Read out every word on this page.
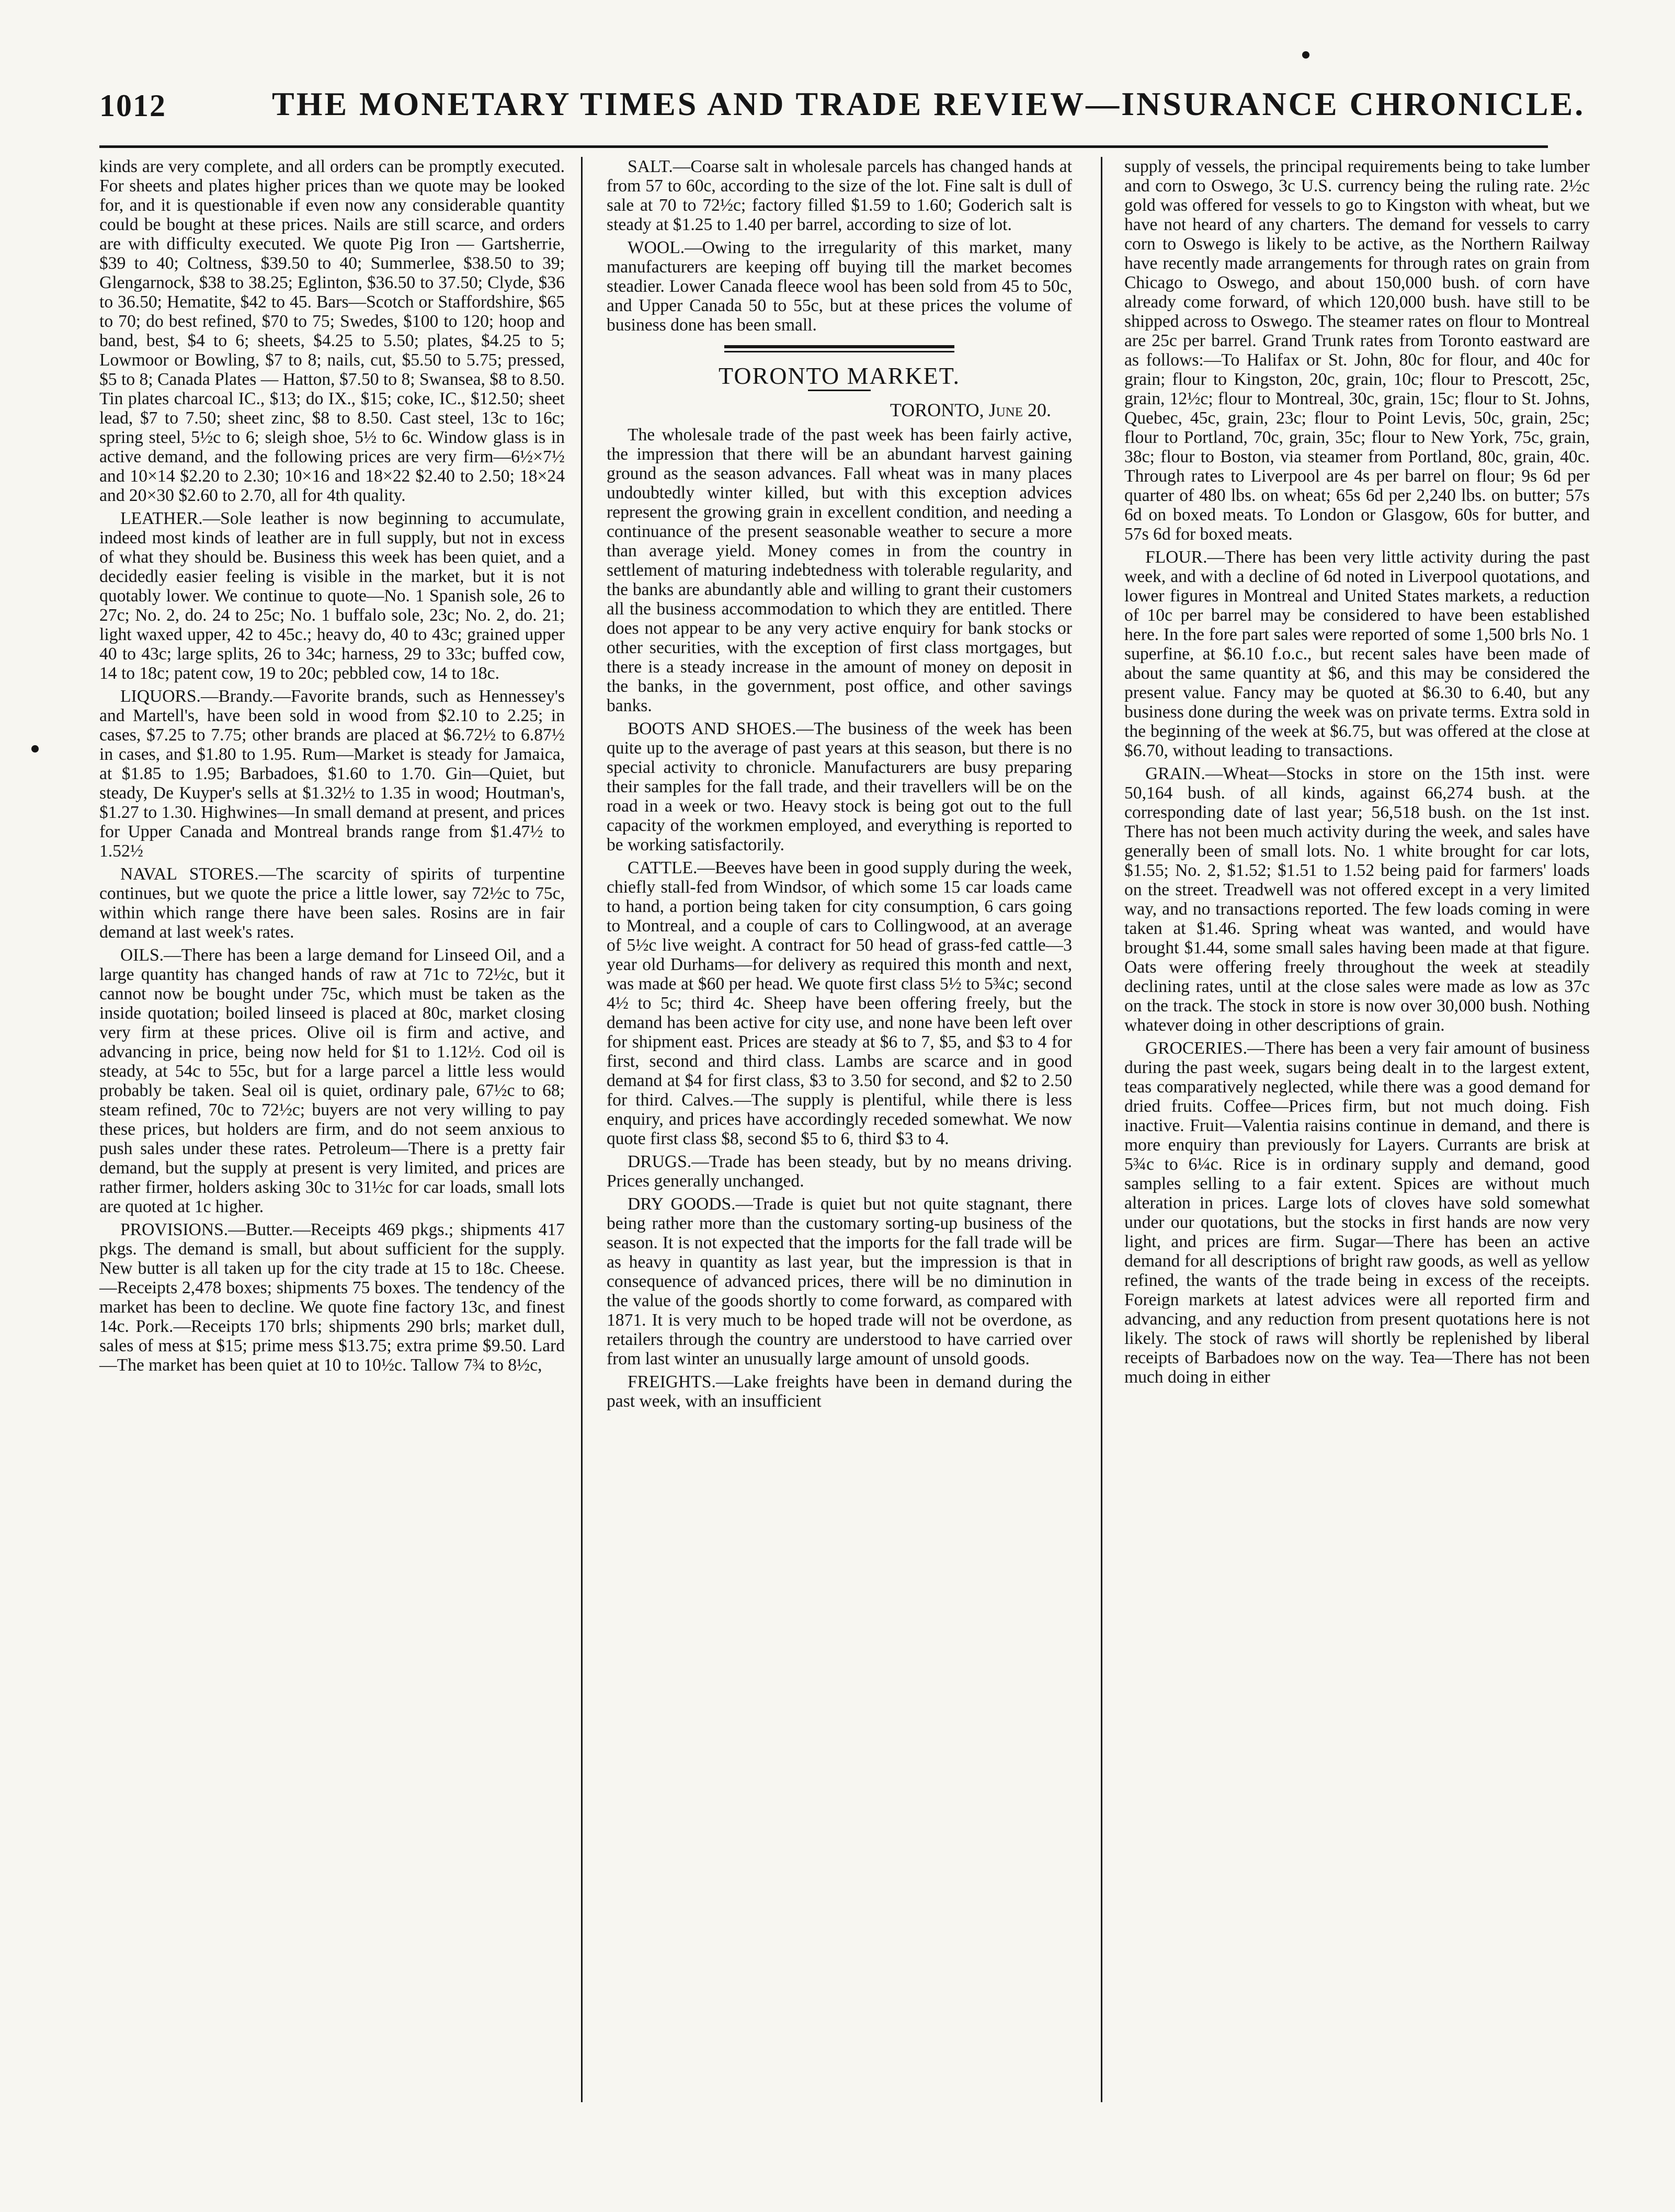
1012	THE MONETARY TIMES AND TRADE REVIEW—INSURANCE CHRONICLE.

kinds are very complete, and all orders can be promptly executed. For sheets and plates higher prices than we quote may be looked for, and it is questionable if even now any considerable quantity could be bought at these prices. Nails are still scarce, and orders are with difficulty executed. We quote Pig Iron — Gartsherrie, $39 to 40; Coltness, $39.50 to 40; Summerlee, $38.50 to 39; Glengarnock, $38 to 38.25; Eglinton, $36.50 to 37.50; Clyde, $36 to 36.50; Hematite, $42 to 45. Bars—Scotch or Staffordshire, $65 to 70; do best refined, $70 to 75; Swedes, $100 to 120; hoop and band, best, $4 to 6; sheets, $4.25 to 5.50; plates, $4.25 to 5; Lowmoor or Bowling, $7 to 8; nails, cut, $5.50 to 5.75; pressed, $5 to 8; Canada Plates — Hatton, $7.50 to 8; Swansea, $8 to 8.50. Tin plates charcoal IC., $13; do IX., $15; coke, IC., $12.50; sheet lead, $7 to 7.50; sheet zinc, $8 to 8.50. Cast steel, 13c to 16c; spring steel, 5½c to 6; sleigh shoe, 5½ to 6c. Window glass is in active demand, and the following prices are very firm—6½×7½ and 10×14 $2.20 to 2.30; 10×16 and 18×22 $2.40 to 2.50; 18×24 and 20×30 $2.60 to 2.70, all for 4th quality.

LEATHER.—Sole leather is now beginning to accumulate, indeed most kinds of leather are in full supply, but not in excess of what they should be. Business this week has been quiet, and a decidedly easier feeling is visible in the market, but it is not quotably lower. We continue to quote—No. 1 Spanish sole, 26 to 27c; No. 2, do. 24 to 25c; No. 1 buffalo sole, 23c; No. 2, do. 21; light waxed upper, 42 to 45c.; heavy do, 40 to 43c; grained upper 40 to 43c; large splits, 26 to 34c; harness, 29 to 33c; buffed cow, 14 to 18c; patent cow, 19 to 20c; pebbled cow, 14 to 18c.

LIQUORS.—Brandy.—Favorite brands, such as Hennessey's and Martell's, have been sold in wood from $2.10 to 2.25; in cases, $7.25 to 7.75; other brands are placed at $6.72½ to 6.87½ in cases, and $1.80 to 1.95. Rum—Market is steady for Jamaica, at $1.85 to 1.95; Barbadoes, $1.60 to 1.70. Gin—Quiet, but steady, De Kuyper's sells at $1.32½ to 1.35 in wood; Houtman's, $1.27 to 1.30. Highwines—In small demand at present, and prices for Upper Canada and Montreal brands range from $1.47½ to 1.52½

NAVAL STORES.—The scarcity of spirits of turpentine continues, but we quote the price a little lower, say 72½c to 75c, within which range there have been sales. Rosins are in fair demand at last week's rates.

OILS.—There has been a large demand for Linseed Oil, and a large quantity has changed hands of raw at 71c to 72½c, but it cannot now be bought under 75c, which must be taken as the inside quotation; boiled linseed is placed at 80c, market closing very firm at these prices. Olive oil is firm and active, and advancing in price, being now held for $1 to 1.12½. Cod oil is steady, at 54c to 55c, but for a large parcel a little less would probably be taken. Seal oil is quiet, ordinary pale, 67½c to 68; steam refined, 70c to 72½c; buyers are not very willing to pay these prices, but holders are firm, and do not seem anxious to push sales under these rates. Petroleum—There is a pretty fair demand, but the supply at present is very limited, and prices are rather firmer, holders asking 30c to 31½c for car loads, small lots are quoted at 1c higher.

PROVISIONS.—Butter.—Receipts 469 pkgs.; shipments 417 pkgs. The demand is small, but about sufficient for the supply. New butter is all taken up for the city trade at 15 to 18c. Cheese.—Receipts 2,478 boxes; shipments 75 boxes. The tendency of the market has been to decline. We quote fine factory 13c, and finest 14c. Pork.—Receipts 170 brls; shipments 290 brls; market dull, sales of mess at $15; prime mess $13.75; extra prime $9.50. Lard—The market has been quiet at 10 to 10½c. Tallow 7¾ to 8½c,

SALT.—Coarse salt in wholesale parcels has changed hands at from 57 to 60c, according to the size of the lot. Fine salt is dull of sale at 70 to 72½c; factory filled $1.59 to 1.60; Goderich salt is steady at $1.25 to 1.40 per barrel, according to size of lot.

WOOL.—Owing to the irregularity of this market, many manufacturers are keeping off buying till the market becomes steadier. Lower Canada fleece wool has been sold from 45 to 50c, and Upper Canada 50 to 55c, but at these prices the volume of business done has been small.

TORONTO MARKET.
TORONTO, June 20.

The wholesale trade of the past week has been fairly active, the impression that there will be an abundant harvest gaining ground as the season advances. Fall wheat was in many places undoubtedly winter killed, but with this exception advices represent the growing grain in excellent condition, and needing a continuance of the present seasonable weather to secure a more than average yield. Money comes in from the country in settlement of maturing indebtedness with tolerable regularity, and the banks are abundantly able and willing to grant their customers all the business accommodation to which they are entitled. There does not appear to be any very active enquiry for bank stocks or other securities, with the exception of first class mortgages, but there is a steady increase in the amount of money on deposit in the banks, in the government, post office, and other savings banks.

BOOTS AND SHOES.—The business of the week has been quite up to the average of past years at this season, but there is no special activity to chronicle. Manufacturers are busy preparing their samples for the fall trade, and their travellers will be on the road in a week or two. Heavy stock is being got out to the full capacity of the workmen employed, and everything is reported to be working satisfactorily.

CATTLE.—Beeves have been in good supply during the week, chiefly stall-fed from Windsor, of which some 15 car loads came to hand, a portion being taken for city consumption, 6 cars going to Montreal, and a couple of cars to Collingwood, at an average of 5½c live weight. A contract for 50 head of grass-fed cattle—3 year old Durhams—for delivery as required this month and next, was made at $60 per head. We quote first class 5½ to 5¾c; second 4½ to 5c; third 4c. Sheep have been offering freely, but the demand has been active for city use, and none have been left over for shipment east. Prices are steady at $6 to 7, $5, and $3 to 4 for first, second and third class. Lambs are scarce and in good demand at $4 for first class, $3 to 3.50 for second, and $2 to 2.50 for third. Calves.—The supply is plentiful, while there is less enquiry, and prices have accordingly receded somewhat. We now quote first class $8, second $5 to 6, third $3 to 4.

DRUGS.—Trade has been steady, but by no means driving. Prices generally unchanged.

DRY GOODS.—Trade is quiet but not quite stagnant, there being rather more than the customary sorting-up business of the season. It is not expected that the imports for the fall trade will be as heavy in quantity as last year, but the impression is that in consequence of advanced prices, there will be no diminution in the value of the goods shortly to come forward, as compared with 1871. It is very much to be hoped trade will not be overdone, as retailers through the country are understood to have carried over from last winter an unusually large amount of unsold goods.

FREIGHTS.—Lake freights have been in demand during the past week, with an insufficient

supply of vessels, the principal requirements being to take lumber and corn to Oswego, 3c U.S. currency being the ruling rate. 2½c gold was offered for vessels to go to Kingston with wheat, but we have not heard of any charters. The demand for vessels to carry corn to Oswego is likely to be active, as the Northern Railway have recently made arrangements for through rates on grain from Chicago to Oswego, and about 150,000 bush. of corn have already come forward, of which 120,000 bush. have still to be shipped across to Oswego. The steamer rates on flour to Montreal are 25c per barrel. Grand Trunk rates from Toronto eastward are as follows:—To Halifax or St. John, 80c for flour, and 40c for grain; flour to Kingston, 20c, grain, 10c; flour to Prescott, 25c, grain, 12½c; flour to Montreal, 30c, grain, 15c; flour to St. Johns, Quebec, 45c, grain, 23c; flour to Point Levis, 50c, grain, 25c; flour to Portland, 70c, grain, 35c; flour to New York, 75c, grain, 38c; flour to Boston, via steamer from Portland, 80c, grain, 40c. Through rates to Liverpool are 4s per barrel on flour; 9s 6d per quarter of 480 lbs. on wheat; 65s 6d per 2,240 lbs. on butter; 57s 6d on boxed meats. To London or Glasgow, 60s for butter, and 57s 6d for boxed meats.

FLOUR.—There has been very little activity during the past week, and with a decline of 6d noted in Liverpool quotations, and lower figures in Montreal and United States markets, a reduction of 10c per barrel may be considered to have been established here. In the fore part sales were reported of some 1,500 brls No. 1 superfine, at $6.10 f.o.c., but recent sales have been made of about the same quantity at $6, and this may be considered the present value. Fancy may be quoted at $6.30 to 6.40, but any business done during the week was on private terms. Extra sold in the beginning of the week at $6.75, but was offered at the close at $6.70, without leading to transactions.

GRAIN.—Wheat—Stocks in store on the 15th inst. were 50,164 bush. of all kinds, against 66,274 bush. at the corresponding date of last year; 56,518 bush. on the 1st inst. There has not been much activity during the week, and sales have generally been of small lots. No. 1 white brought for car lots, $1.55; No. 2, $1.52; $1.51 to 1.52 being paid for farmers' loads on the street. Treadwell was not offered except in a very limited way, and no transactions reported. The few loads coming in were taken at $1.46. Spring wheat was wanted, and would have brought $1.44, some small sales having been made at that figure. Oats were offering freely throughout the week at steadily declining rates, until at the close sales were made as low as 37c on the track. The stock in store is now over 30,000 bush. Nothing whatever doing in other descriptions of grain.

GROCERIES.—There has been a very fair amount of business during the past week, sugars being dealt in to the largest extent, teas comparatively neglected, while there was a good demand for dried fruits. Coffee—Prices firm, but not much doing. Fish inactive. Fruit—Valentia raisins continue in demand, and there is more enquiry than previously for Layers. Currants are brisk at 5¾c to 6¼c. Rice is in ordinary supply and demand, good samples selling to a fair extent. Spices are without much alteration in prices. Large lots of cloves have sold somewhat under our quotations, but the stocks in first hands are now very light, and prices are firm. Sugar—There has been an active demand for all descriptions of bright raw goods, as well as yellow refined, the wants of the trade being in excess of the receipts. Foreign markets at latest advices were all reported firm and advancing, and any reduction from present quotations here is not likely. The stock of raws will shortly be replenished by liberal receipts of Barbadoes now on the way. Tea—There has not been much doing in either
